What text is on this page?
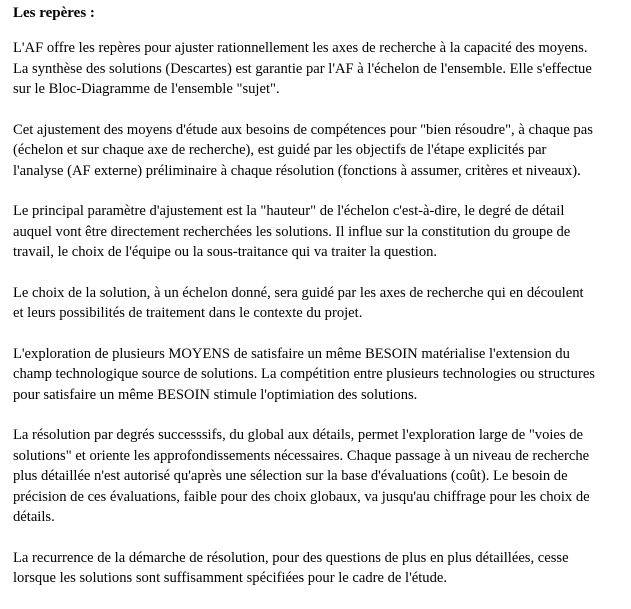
Les repères :
L'AF offre les repères pour ajuster rationnellement les axes de recherche à la capacité des moyens.
La synthèse des solutions (Descartes) est garantie par l'AF à l'échelon de l'ensemble. Elle s'effectue
sur le Bloc-Diagramme de l'ensemble "sujet".
Cet ajustement des moyens d'étude aux besoins de compétences pour "bien résoudre", à chaque pas
(échelon et sur chaque axe de recherche), est guidé par les objectifs de l'étape explicités par
l'analyse (AF externe) préliminaire à chaque résolution (fonctions à assumer, critères et niveaux).
Le principal paramètre d'ajustement est la "hauteur" de l'échelon c'est-à-dire, le degré de détail
auquel vont être directement recherchées les solutions. Il influe sur la constitution du groupe de
travail, le choix de l'équipe ou la sous-traitance qui va traiter la question.
Le choix de la solution, à un échelon donné, sera guidé par les axes de recherche qui en découlent
et leurs possibilités de traitement dans le contexte du projet.
L'exploration de plusieurs MOYENS de satisfaire un même BESOIN matérialise l'extension du
champ technologique source de solutions. La compétition entre plusieurs technologies ou structures
pour satisfaire un même BESOIN stimule l'optimiation des solutions.
La résolution par degrés successsifs, du global aux détails, permet l'exploration large de "voies de
solutions" et oriente les approfondissements nécessaires. Chaque passage à un niveau de recherche
plus détaillée n'est autorisé qu'après une sélection sur la base d'évaluations (coût). Le besoin de
précision de ces évaluations, faible pour des choix globaux, va jusqu'au chiffrage pour les choix de
détails.
La recurrence de la démarche de résolution, pour des questions de plus en plus détaillées, cesse
lorsque les solutions sont suffisamment spécifiées pour le cadre de l'étude.
